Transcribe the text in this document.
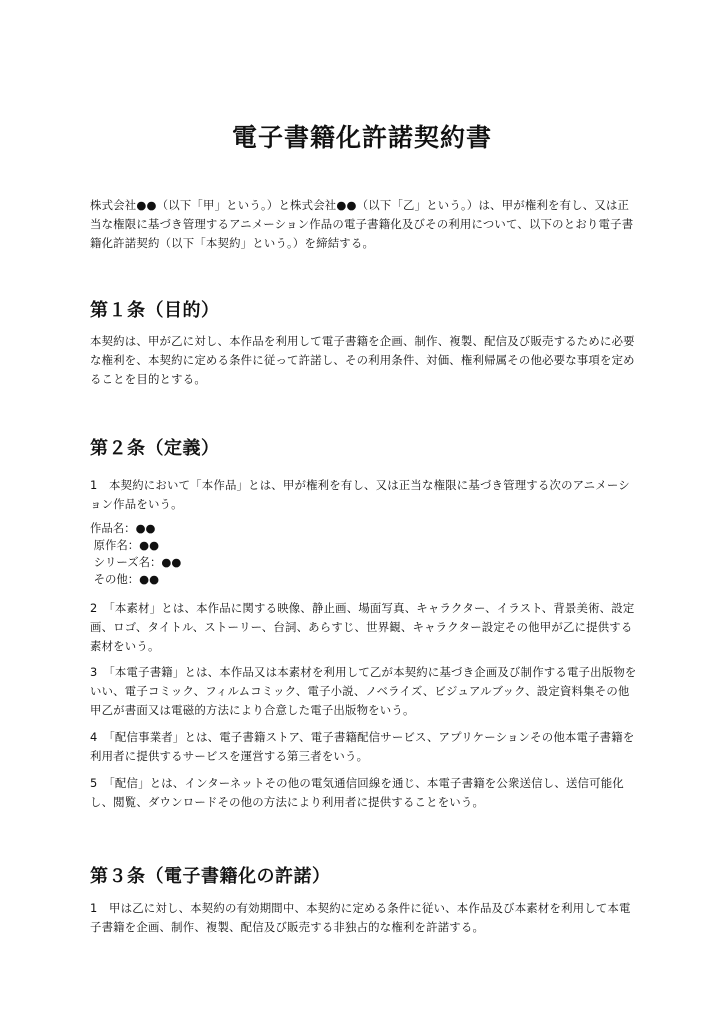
電子書籍化許諾契約書

株式会社●●（以下「甲」という。）と株式会社●●（以下「乙」という。）は、甲が権利を有し、又は正当な権限に基づき管理するアニメーション作品の電子書籍化及びその利用について、以下のとおり電子書籍化許諾契約（以下「本契約」という。）を締結する。

第１条（目的）

本契約は、甲が乙に対し、本作品を利用して電子書籍を企画、制作、複製、配信及び販売するために必要な権利を、本契約に定める条件に従って許諾し、その利用条件、対価、権利帰属その他必要な事項を定めることを目的とする。

第２条（定義）

1　本契約において「本作品」とは、甲が権利を有し、又は正当な権限に基づき管理する次のアニメーション作品をいう。

作品名：●●
原作名：●●
シリーズ名：●●
その他：●●

2　「本素材」とは、本作品に関する映像、静止画、場面写真、キャラクター、イラスト、背景美術、設定画、ロゴ、タイトル、ストーリー、台詞、あらすじ、世界観、キャラクター設定その他甲が乙に提供する素材をいう。

3　「本電子書籍」とは、本作品又は本素材を利用して乙が本契約に基づき企画及び制作する電子出版物をいい、電子コミック、フィルムコミック、電子小説、ノベライズ、ビジュアルブック、設定資料集その他甲乙が書面又は電磁的方法により合意した電子出版物をいう。

4　「配信事業者」とは、電子書籍ストア、電子書籍配信サービス、アプリケーションその他本電子書籍を利用者に提供するサービスを運営する第三者をいう。

5　「配信」とは、インターネットその他の電気通信回線を通じ、本電子書籍を公衆送信し、送信可能化し、閲覧、ダウンロードその他の方法により利用者に提供することをいう。

第３条（電子書籍化の許諾）

1　甲は乙に対し、本契約の有効期間中、本契約に定める条件に従い、本作品及び本素材を利用して本電子書籍を企画、制作、複製、配信及び販売する非独占的な権利を許諾する。
